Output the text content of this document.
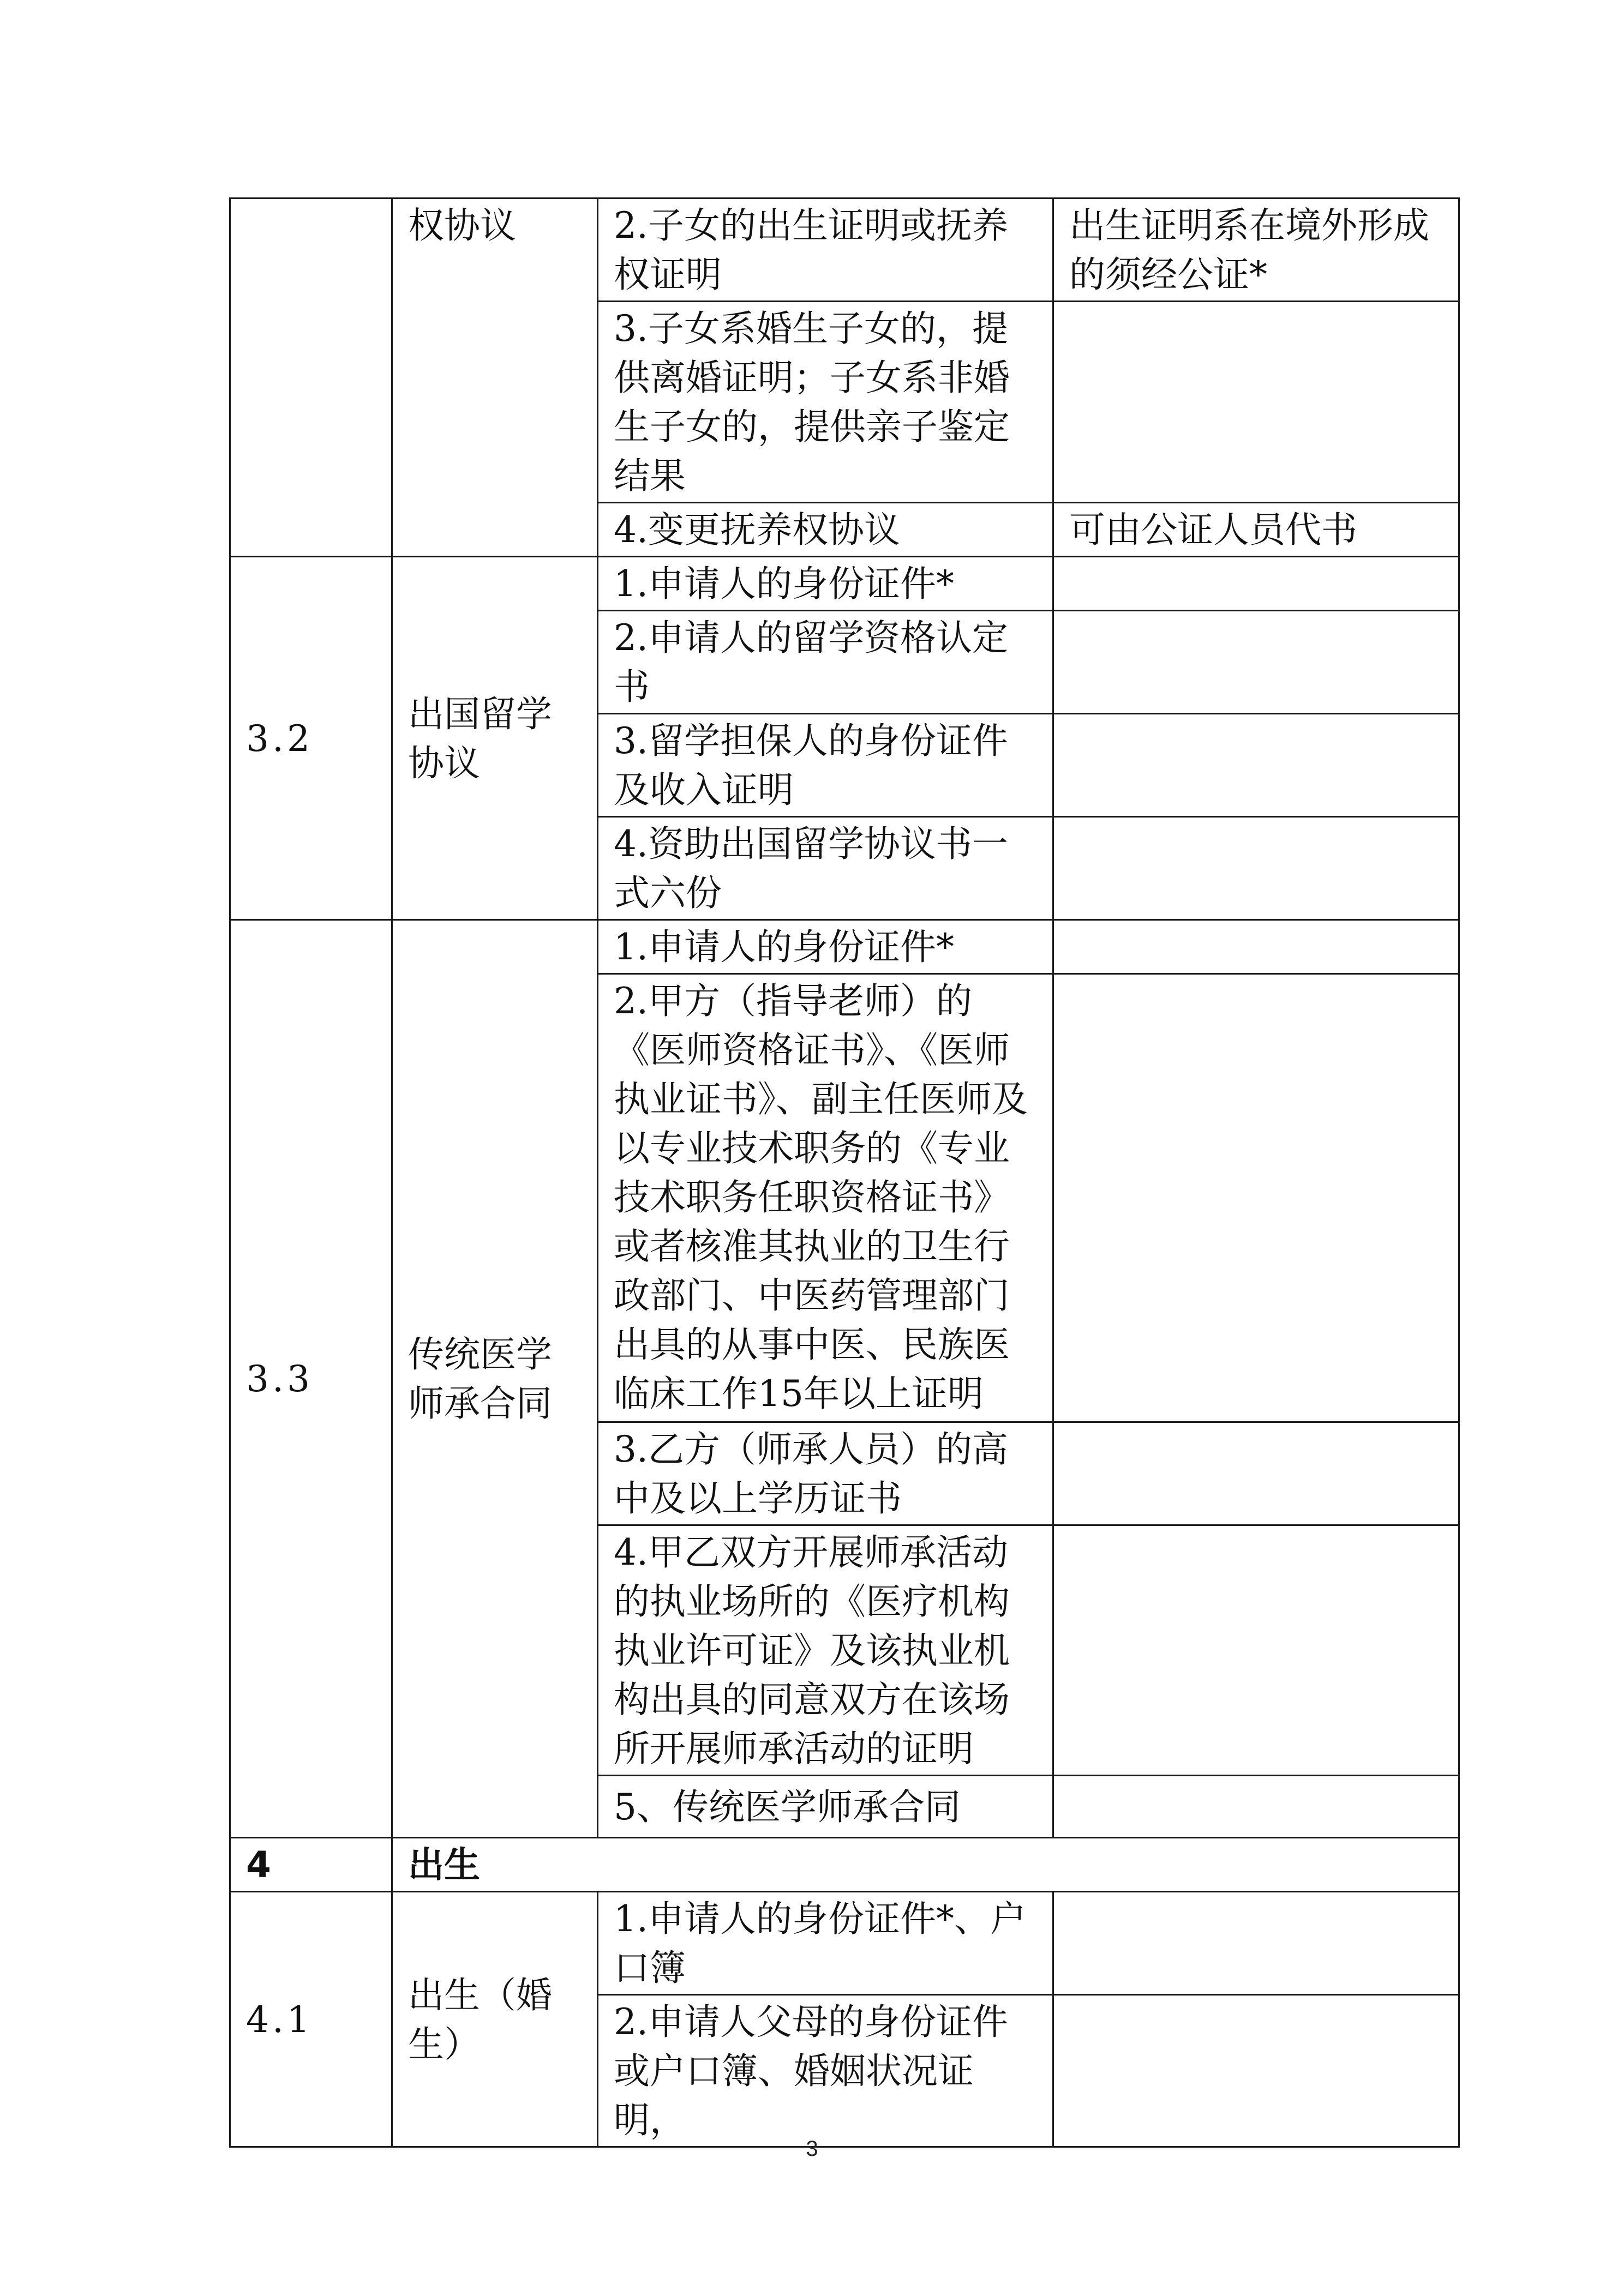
	权协议	2.子女的出生证明或抚养权证明	出生证明系在境外形成的须经公证*
		3.子女系婚生子女的，提供离婚证明；子女系非婚生子女的，提供亲子鉴定结果	
		4.变更抚养权协议	可由公证人员代书
3.2	出国留学协议	1.申请人的身份证件*	
		2.申请人的留学资格认定书	
		3.留学担保人的身份证件及收入证明	
		4.资助出国留学协议书一式六份	
3.3	传统医学师承合同	1.申请人的身份证件*	
		2.甲方（指导老师）的《医师资格证书》、《医师执业证书》、副主任医师及以专业技术职务的《专业技术职务任职资格证书》或者核准其执业的卫生行政部门、中医药管理部门出具的从事中医、民族医临床工作15年以上证明	
		3.乙方（师承人员）的高中及以上学历证书	
		4.甲乙双方开展师承活动的执业场所的《医疗机构执业许可证》及该执业机构出具的同意双方在该场所开展师承活动的证明	
		5、传统医学师承合同	
4	出生		
4.1	出生（婚生）	1.申请人的身份证件*、户口簿	
		2.申请人父母的身份证件或户口簿、婚姻状况证明，	
3
